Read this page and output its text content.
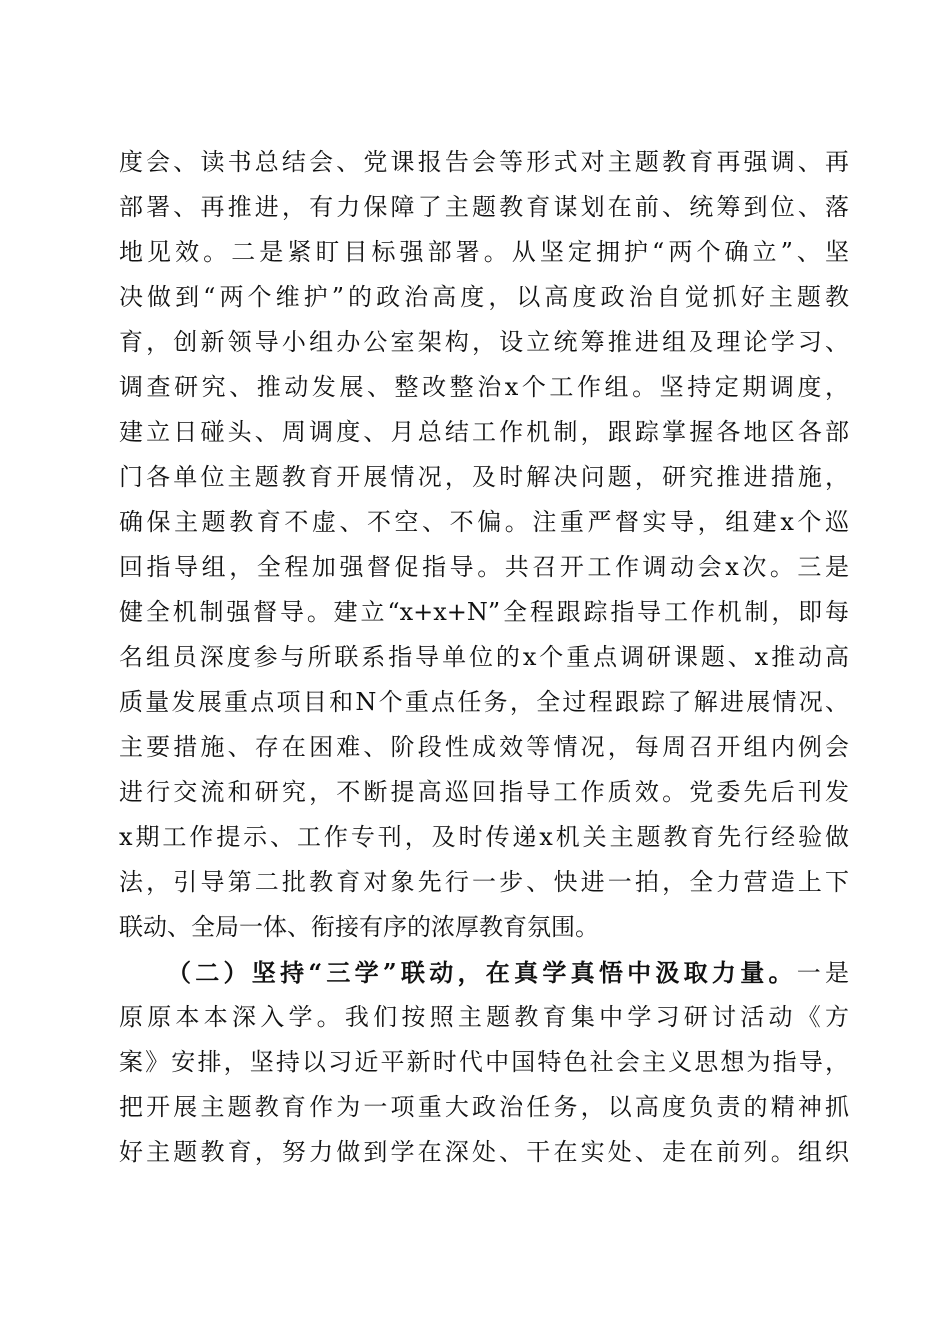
度会、读书总结会、党课报告会等形式对主题教育再强调、再
部署、再推进，有力保障了主题教育谋划在前、统筹到位、落
地见效。二是紧盯目标强部署。从坚定拥护“两个确立”、坚
决做到“两个维护”的政治高度，以高度政治自觉抓好主题教
育，创新领导小组办公室架构，设立统筹推进组及理论学习、
调查研究、推动发展、整改整治x个工作组。坚持定期调度，
建立日碰头、周调度、月总结工作机制，跟踪掌握各地区各部
门各单位主题教育开展情况，及时解决问题，研究推进措施，
确保主题教育不虚、不空、不偏。注重严督实导，组建x个巡
回指导组，全程加强督促指导。共召开工作调动会x次。三是
健全机制强督导。建立“x+x+N”全程跟踪指导工作机制，即每
名组员深度参与所联系指导单位的x个重点调研课题、x推动高
质量发展重点项目和N个重点任务，全过程跟踪了解进展情况、
主要措施、存在困难、阶段性成效等情况，每周召开组内例会
进行交流和研究，不断提高巡回指导工作质效。党委先后刊发
x期工作提示、工作专刊，及时传递x机关主题教育先行经验做
法，引导第二批教育对象先行一步、快进一拍，全力营造上下
联动、全局一体、衔接有序的浓厚教育氛围。
（二）坚持“三学”联动，在真学真悟中汲取力量。一是
原原本本深入学。我们按照主题教育集中学习研讨活动《方
案》安排，坚持以习近平新时代中国特色社会主义思想为指导，
把开展主题教育作为一项重大政治任务，以高度负责的精神抓
好主题教育，努力做到学在深处、干在实处、走在前列。组织
